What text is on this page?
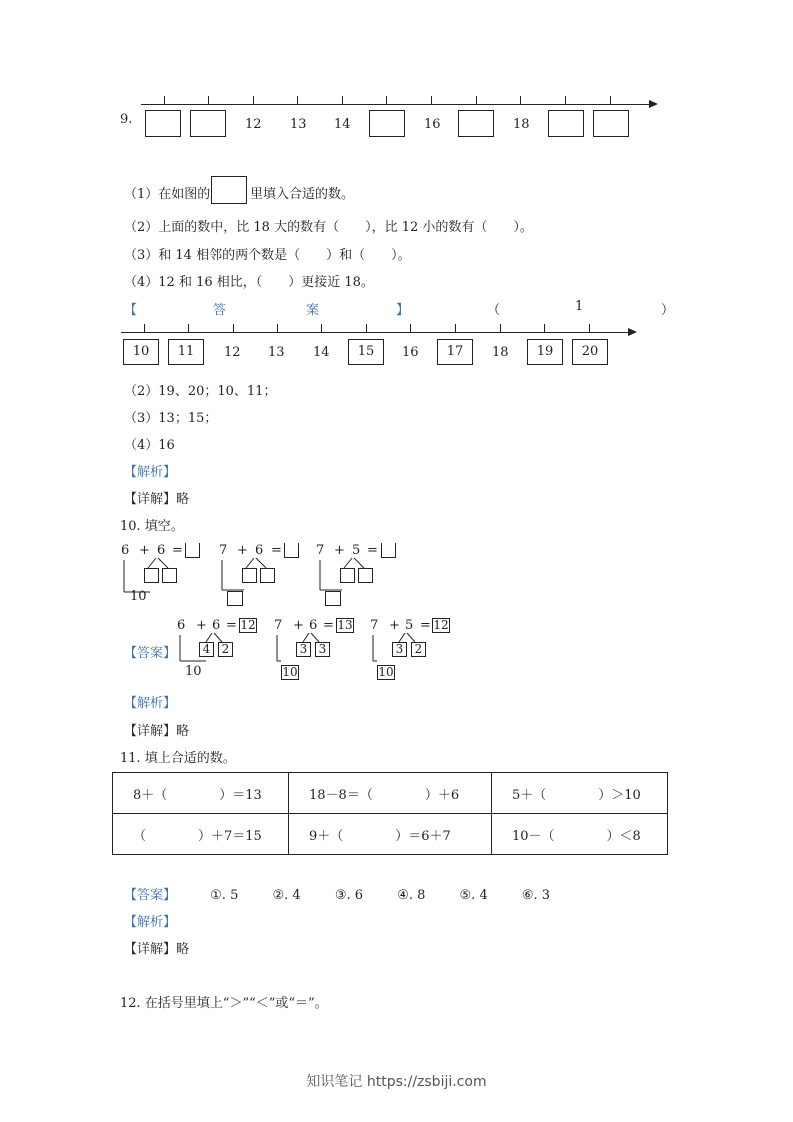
9.	12 13 14	16	18
（1）在如图的	里填入合适的数。
（2）上面的数中，比 18 大的数有（　　），比 12 小的数有（　　）。
（3）和 14 相邻的两个数是（　　）和（　　）。
（4）12 和 16 相比，（　　）更接近 18。
【	答	案	】	（	1	）
10	11	12 13 14	15	16	17	18	19	20
（2）19、20；10、11；
（3）13；15；
（4）16
【解析】
【详解】略
10. 填空。
6 + 6 =
10
7 + 6 =	7 + 5 =
【答案】
6 + 6 = 12
4 2
10
7 + 6 = 13
3 3
10
7 + 5 = 12
3 2
10
【解析】
【详解】略
11. 填上合适的数。
8＋（　　　　）＝13	18－8＝（　　　　）＋6	5＋（　　　　）＞10
（　　　　）＋7＝15	9＋（　　　　）＝6＋7	10－（　　　　）＜8
【答案】	①. 5	②. 4	③. 6	④. 8	⑤. 4	⑥. 3
【解析】
【详解】略
12. 在括号里填上“＞”“＜”或“＝”。
知识笔记 https://zsbiji.com
